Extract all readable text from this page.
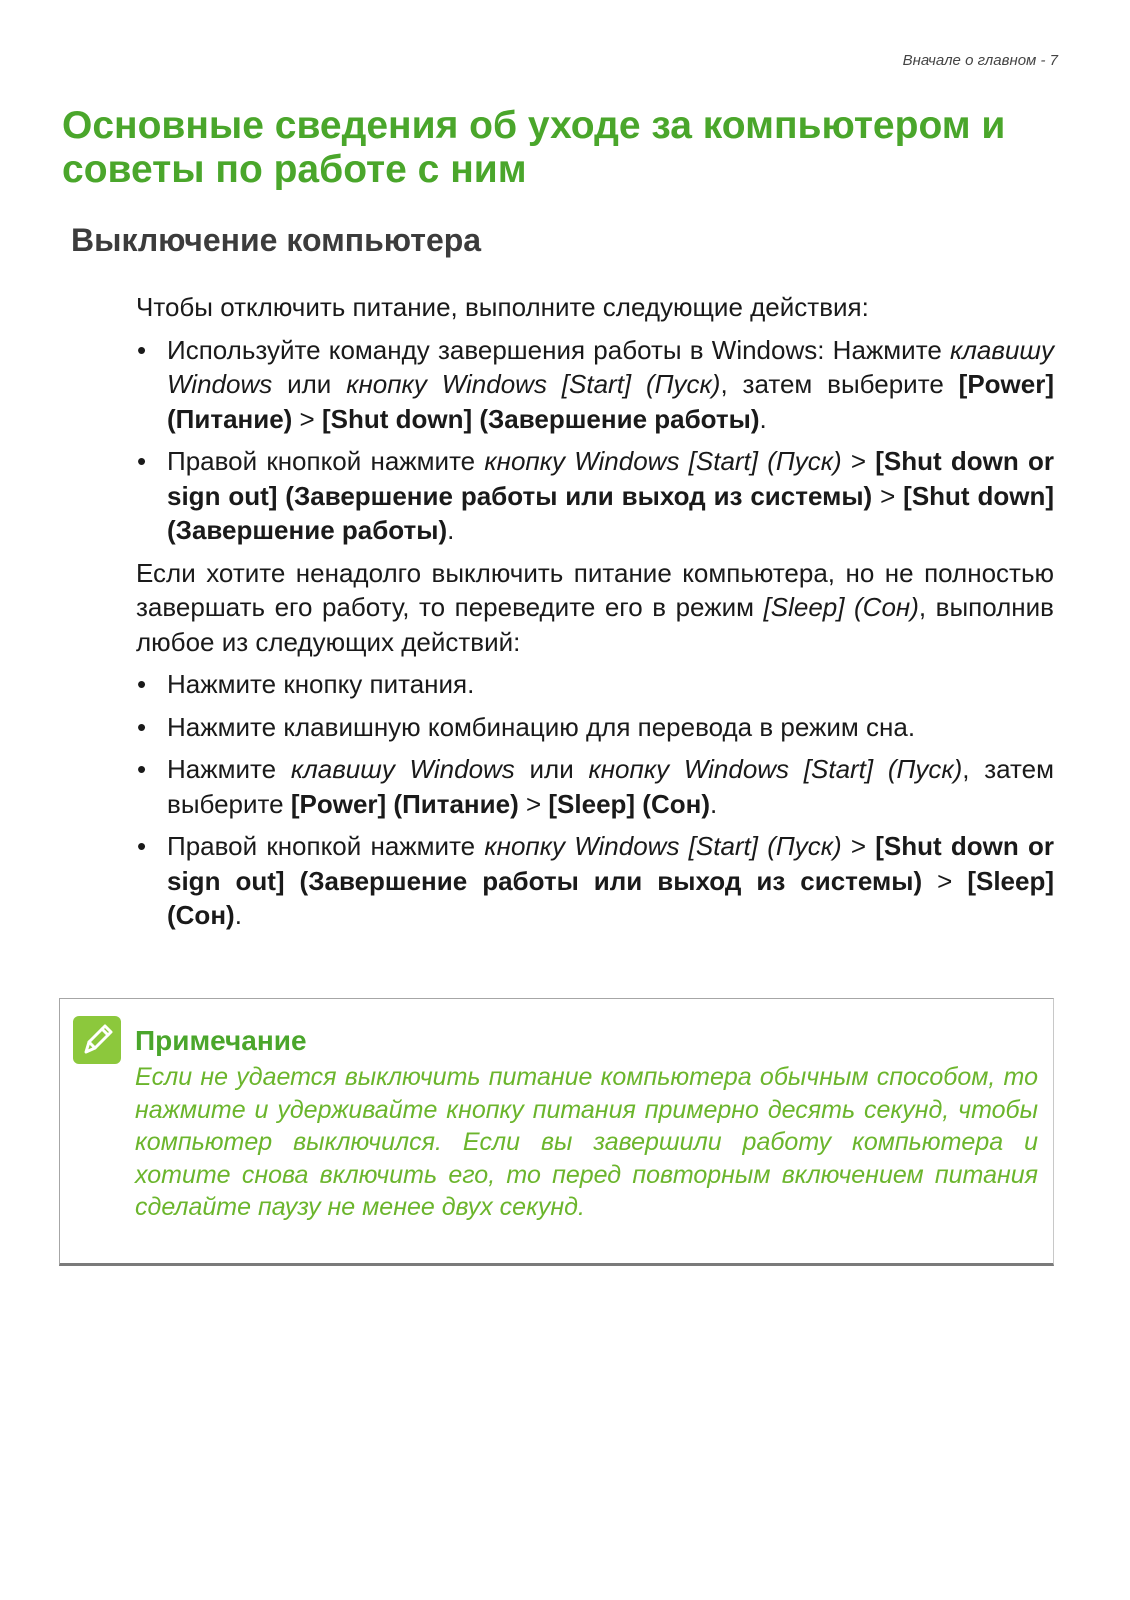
Вначале о главном - 7
Основные сведения об уходе за компьютером и советы по работе с ним
Выключение компьютера

Чтобы отключить питание, выполните следующие действия:

• Используйте команду завершения работы в Windows: Нажмите клавишу Windows или кнопку Windows [Start] (Пуск), затем выберите [Power] (Питание) > [Shut down] (Завершение работы).
• Правой кнопкой нажмите кнопку Windows [Start] (Пуск) > [Shut down or sign out] (Завершение работы или выход из системы) > [Shut down] (Завершение работы).

Если хотите ненадолго выключить питание компьютера, но не полностью завершать его работу, то переведите его в режим [Sleep] (Сон), выполнив любое из следующих действий:

• Нажмите кнопку питания.
• Нажмите клавишную комбинацию для перевода в режим сна.
• Нажмите клавишу Windows или кнопку Windows [Start] (Пуск), затем выберите [Power] (Питание) > [Sleep] (Сон).
• Правой кнопкой нажмите кнопку Windows [Start] (Пуск) > [Shut down or sign out] (Завершение работы или выход из системы) > [Sleep] (Сон).
Примечание

Если не удается выключить питание компьютера обычным способом, то нажмите и удерживайте кнопку питания примерно десять секунд, чтобы компьютер выключился. Если вы завершили работу компьютера и хотите снова включить его, то перед повторным включением питания сделайте паузу не менее двух секунд.
